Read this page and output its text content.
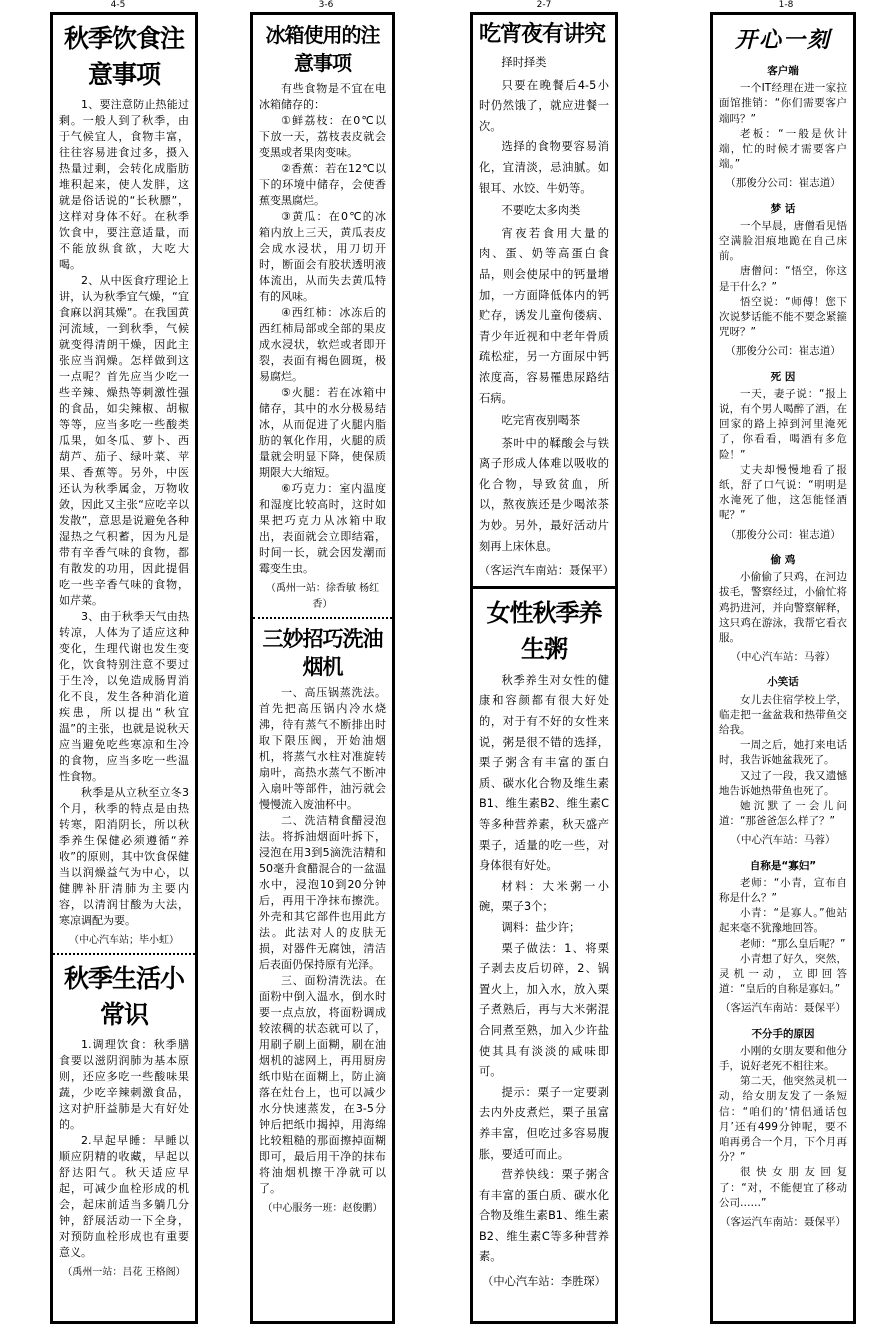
4-5	3-6	2-7	1-8
秋季饮食注意事项

1、要注意防止热能过剩。一般人到了秋季，由于气候宜人，食物丰富，往往容易进食过多，摄入热量过剩，会转化成脂肪堆积起来，使人发胖，这就是俗话说的“长秋膘”，这样对身体不好。在秋季饮食中，要注意适量，而不能放纵食欲，大吃大喝。

2、从中医食疗理论上讲，认为秋季宜气燥，“宜食麻以润其燥”。在我国黄河流域，一到秋季，气候就变得清朗干燥，因此主张应当润燥。怎样做到这一点呢？首先应当少吃一些辛辣、燥热等刺激性强的食品，如尖辣椒、胡椒等等，应当多吃一些酸类瓜果，如冬瓜、萝卜、西葫芦、茄子、绿叶菜、苹果、香蕉等。另外，中医还认为秋季属金，万物收敛，因此又主张“应吃辛以发散”，意思是说避免各种湿热之气积蓄，因为凡是带有辛香气味的食物，都有散发的功用，因此提倡吃一些辛香气味的食物，如芹菜。

3、由于秋季天气由热转凉，人体为了适应这种变化，生理代谢也发生变化，饮食特别注意不要过于生冷，以免造成肠胃消化不良，发生各种消化道疾患，所以提出“秋宜温”的主张，也就是说秋天应当避免吃些寒凉和生冷的食物，应当多吃一些温性食物。

秋季是从立秋至立冬3个月，秋季的特点是由热转寒，阳消阴长，所以秋季养生保健必须遵循“养收”的原则，其中饮食保健当以润燥益气为中心，以健脾补肝清肺为主要内容，以清润甘酸为大法，寒凉调配为要。

（中心汽车站；毕小虹）

秋季生活小常识

1.调理饮食：秋季膳食要以滋阴润肺为基本原则，还应多吃一些酸味果蔬，少吃辛辣刺激食品，这对护肝益肺是大有好处的。

2.早起早睡：早睡以顺应阴精的收藏，早起以舒达阳气。秋天适应早起，可减少血栓形成的机会，起床前适当多躺几分钟，舒展活动一下全身，对预防血栓形成也有重要意义。

（禹州一站：吕花 王格阁）

冰箱使用的注意事项

有些食物是不宜在电冰箱储存的：

①鲜荔枝：在0℃以下放一天，荔枝表皮就会变黑或者果肉变味。

②香蕉：若在12℃以下的环境中储存，会使香蕉变黑腐烂。

③黄瓜：在0℃的冰箱内放上三天，黄瓜表皮会成水浸状，用刀切开时，断面会有胶状透明液体流出，从而失去黄瓜特有的风味。

④西红柿：冰冻后的西红柿局部或全部的果皮成水浸状，软烂或者即开裂，表面有褐色圆斑，极易腐烂。

⑤火腿：若在冰箱中储存，其中的水分极易结冰，从而促进了火腿内脂肪的氧化作用，火腿的质量就会明显下降，使保质期限大大缩短。

⑥巧克力：室内温度和湿度比较高时，这时如果把巧克力从冰箱中取出，表面就会立即结霜，时间一长，就会因发潮而霉变生虫。

（禹州一站：徐香敏 杨红香）

三妙招巧洗油烟机

一、高压锅蒸洗法。首先把高压锅内冷水烧沸，待有蒸气不断排出时取下限压阀，开始油烟机，将蒸气水柱对准旋转扇叶，高热水蒸气不断冲入扇叶等部件，油污就会慢慢流入废油杯中。

二、洗洁精食醋浸泡法。将拆油烟面叶拆下，浸泡在用3到5滴洗洁精和50毫升食醋混合的一盆温水中，浸泡10到20分钟后，再用干净抹布擦洗。外壳和其它部件也用此方法。此法对人的皮肤无损，对器件无腐蚀，清洁后表面仍保持原有光泽。

三、面粉清洗法。在面粉中倒入温水，倒水时要一点点放，将面粉调成较浓稠的状态就可以了，用刷子刷上面糊，刷在油烟机的滤网上，再用厨房纸巾贴在面糊上，防止滴落在灶台上，也可以减少水分快速蒸发，在3-5分钟后把纸巾揭掉，用海绵比较粗糙的那面擦掉面糊即可，最后用干净的抹布将油烟机擦干净就可以了。

（中心服务一班：赵俊鹏）

吃宵夜有讲究

择时择类

只要在晚餐后4-5小时仍然饿了，就应进餐一次。

选择的食物要容易消化，宜清淡，忌油腻。如银耳、水饺、牛奶等。

不要吃太多肉类

宵夜若食用大量的肉、蛋、奶等高蛋白食品，则会使尿中的钙量增加，一方面降低体内的钙贮存，诱发儿童佝偻病、青少年近视和中老年骨质疏松症，另一方面尿中钙浓度高，容易罹患尿路结石病。

吃完宵夜别喝茶

茶叶中的鞣酸会与铁离子形成人体难以吸收的化合物，导致贫血，所以，熬夜族还是少喝浓茶为妙。另外，最好活动片刻再上床休息。

（客运汽车南站：聂保平）

女性秋季养生粥

秋季养生对女性的健康和容颜都有很大好处的，对于有不好的女性来说，粥是很不错的选择，栗子粥含有丰富的蛋白质、碳水化合物及维生素B1、维生素B2、维生素C等多种营养素，秋天盛产栗子，适量的吃一些，对身体很有好处。

材料：大米粥一小碗，栗子3个；

调料：盐少许；

栗子做法：1、将栗子剥去皮后切碎，2、锅置火上，加入水，放入栗子煮熟后，再与大米粥混合同煮至熟，加入少许盐使其具有淡淡的咸味即可。

提示：栗子一定要剥去内外皮煮烂，栗子虽富养丰富，但吃过多容易腹胀，要适可而止。

营养快线：栗子粥含有丰富的蛋白质、碳水化合物及维生素B1、维生素B2、维生素C等多种营养素。

（中心汽车站：李胜琛）

开心一刻

客户端

一个IT经理在进一家拉面馆推销：“你们需要客户端吗？”

老板：“一般是伙计端，忙的时候才需要客户端。”

（那俊分公司：崔志道）

梦 话

一个早晨，唐僧看见悟空满脸泪痕地跪在自己床前。

唐僧问：“悟空，你这是干什么？”

悟空说：“师傅！您下次说梦话能不能不要念紧箍咒呀？”

（那俊分公司：崔志道）

死 因

一天，妻子说：“报上说，有个男人喝醉了酒，在回家的路上掉到河里淹死了，你看看，喝酒有多危险！”

丈夫却慢慢地看了报纸，舒了口气说：“明明是水淹死了他，这怎能怪酒呢？”

（那俊分公司：崔志道）

偷 鸡

小偷偷了只鸡，在河边拔毛，警察经过，小偷忙将鸡扔进河，并向警察解释，这只鸡在游泳，我帮它看衣服。

（中心汽车站：马蓉）

小笑话

女儿去住宿学校上学，临走把一盆盆栽和热带鱼交给我。

一周之后，她打来电话时，我告诉她盆栽死了。

又过了一段，我又遗憾地告诉她热带鱼也死了。

她沉默了一会儿问道：“那爸爸怎么样了？”

（中心汽车站：马蓉）

自称是“寡妇”

老师：“小青，宣布自称是什么？”

小青：“是寡人。”他站起来毫不犹豫地回答。

老师：“那么皇后呢？”

小青想了好久，突然，灵机一动，立即回答道：“皇后的自称是寡妇。”

（客运汽车南站：聂保平）

不分手的原因

小刚的女朋友要和他分手，说好老死不相往来。

第二天，他突然灵机一动，给女朋友发了一条短信：“咱们的‘情侣通话包月’还有499分钟呢，要不咱再勇合一个月，下个月再分？”

很快女朋友回复了：“对，不能便宜了移动公司……”

（客运汽车南站：聂保平）
